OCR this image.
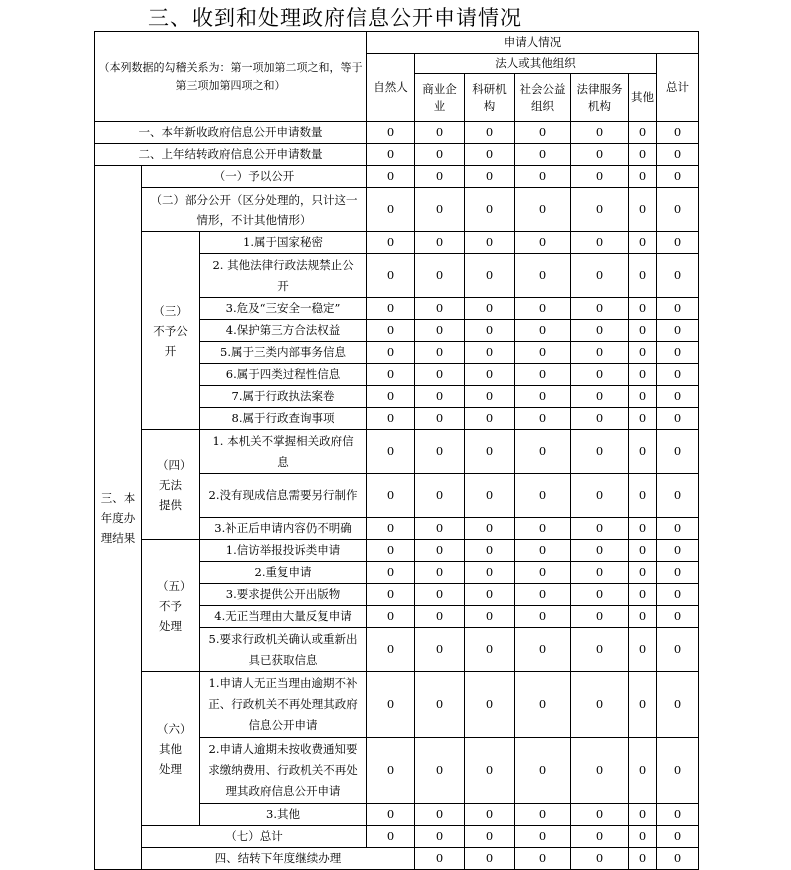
三、收到和处理政府信息公开申请情况
（本列数据的勾稽关系为：第一项加第二项之和，等于第三项加第四项之和）			申请人情况							
			自然人	法人或其他组织					总计	
				商业企业	科研机构	社会公益组织	法律服务机构	其他		
一、本年新收政府信息公开申请数量			0	0	0	0	0	0	0	
二、上年结转政府信息公开申请数量			0	0	0	0	0	0	0	
三、本年度办理结果	（一）予以公开		0	0	0	0	0	0	0	
	（二）部分公开（区分处理的，只计这一情形，不计其他情形）		0	0	0	0	0	0	0	
	（三）不予公开	1.属于国家秘密	0	0	0	0	0	0	0	
		2. 其他法律行政法规禁止公开	0	0	0	0	0	0	0	
		3.危及“三安全一稳定”	0	0	0	0	0	0	0	
		4.保护第三方合法权益	0	0	0	0	0	0	0	
		5.属于三类内部事务信息	0	0	0	0	0	0	0	
		6.属于四类过程性信息	0	0	0	0	0	0	0	
		7.属于行政执法案卷	0	0	0	0	0	0	0	
		8.属于行政查询事项	0	0	0	0	0	0	0	
	（四）无法提供	1. 本机关不掌握相关政府信息	0	0	0	0	0	0	0	
		2.没有现成信息需要另行制作	0	0	0	0	0	0	0	
		3.补正后申请内容仍不明确	0	0	0	0	0	0	0	
	（五）不予处理	1.信访举报投诉类申请	0	0	0	0	0	0	0	
		2.重复申请	0	0	0	0	0	0	0	
		3.要求提供公开出版物	0	0	0	0	0	0	0	
		4.无正当理由大量反复申请	0	0	0	0	0	0	0	
		5.要求行政机关确认或重新出具已获取信息	0	0	0	0	0	0	0	
	（六）其他处理	1.申请人无正当理由逾期不补正、行政机关不再处理其政府信息公开申请	0	0	0	0	0	0	0	
		2.申请人逾期未按收费通知要求缴纳费用、行政机关不再处理其政府信息公开申请	0	0	0	0	0	0	0	
		3.其他	0	0	0	0	0	0	0	
	（七）总计		0	0	0	0	0	0	0	
	四、结转下年度继续办理			0	0	0	0	0	0	
